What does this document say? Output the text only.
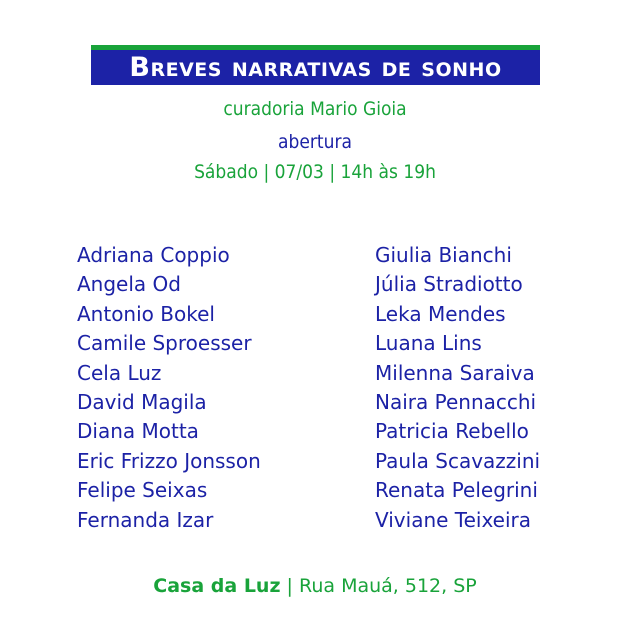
Breves narrativas de sonho
curadoria Mario Gioia
abertura
Sábado | 07/03 | 14h às 19h
Adriana Coppio
Angela Od
Antonio Bokel
Camile Sproesser
Cela Luz
David Magila
Diana Motta
Eric Frizzo Jonsson
Felipe Seixas
Fernanda Izar
Giulia Bianchi
Júlia Stradiotto
Leka Mendes
Luana Lins
Milenna Saraiva
Naira Pennacchi
Patricia Rebello
Paula Scavazzini
Renata Pelegrini
Viviane Teixeira
Casa da Luz | Rua Mauá, 512, SP
